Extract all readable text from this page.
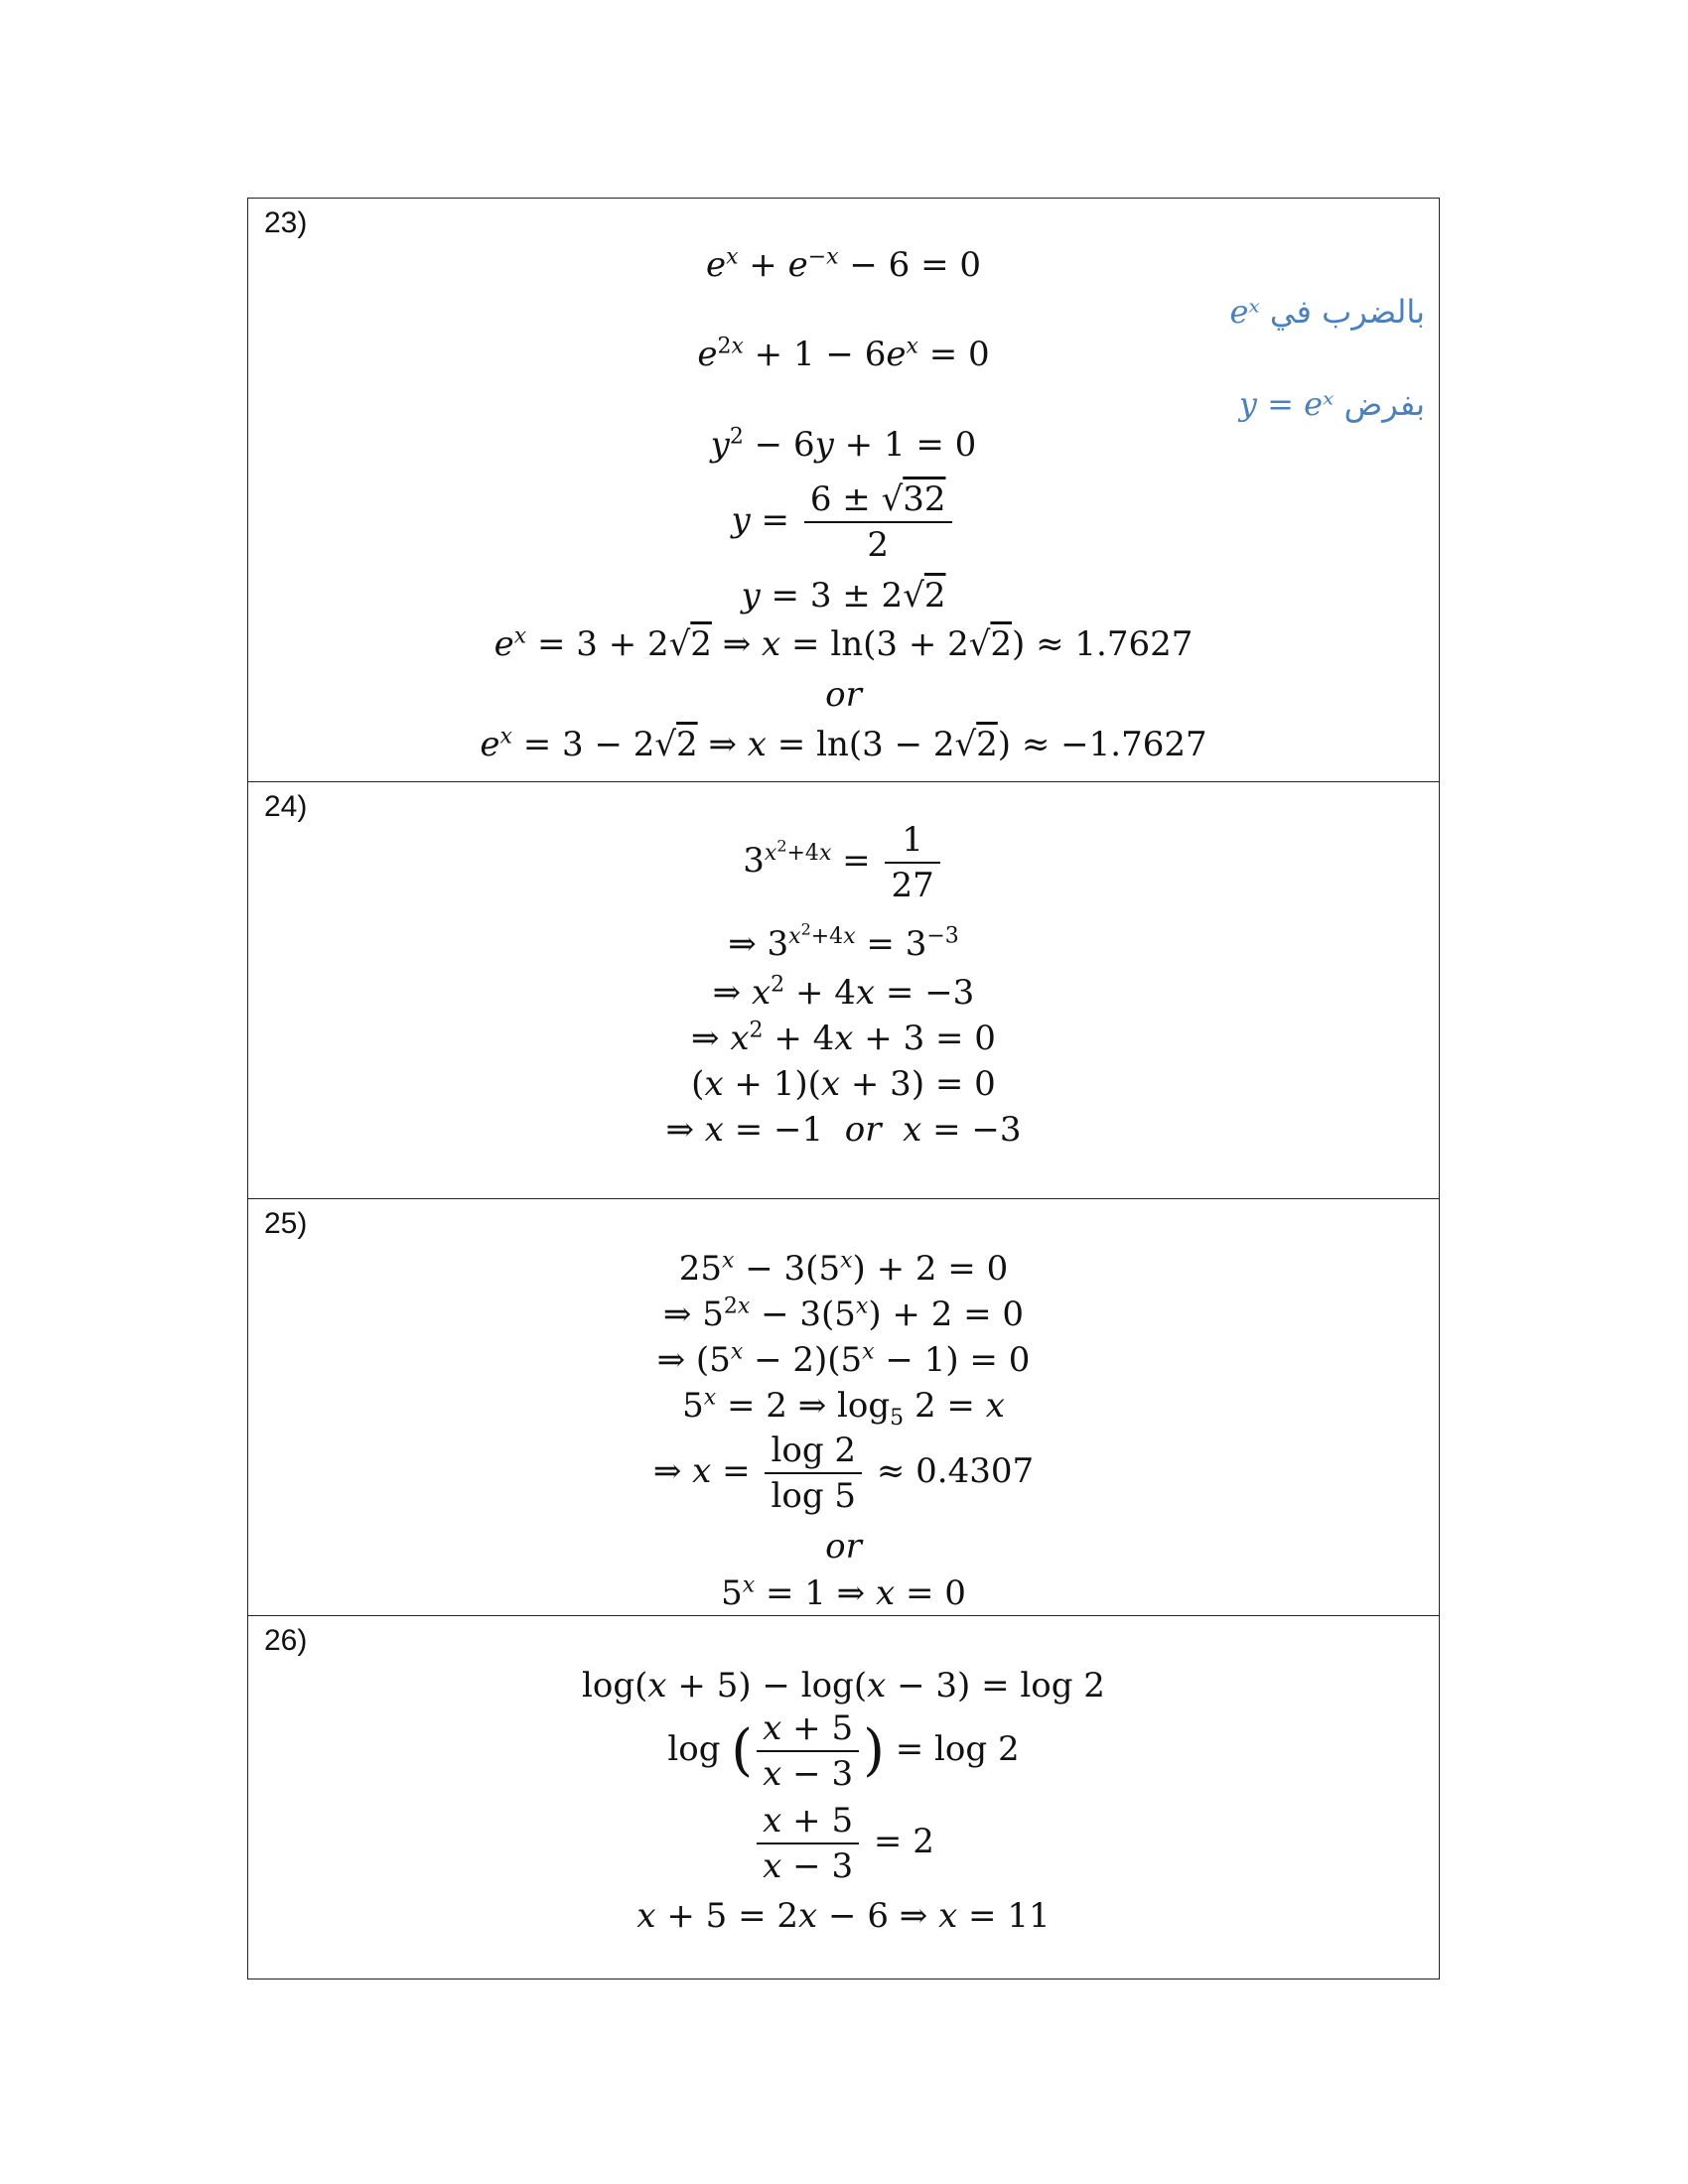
23)
$e^x + e^{-x} - 6 = 0$
eˣ بالضرب في
$e^{2x} + 1 - 6e^x = 0$
y = eˣ بفرض
$y^2 - 6y + 1 = 0$
$y = \frac{6 \pm √32}{2}$
y = 3 ± 2√2
$e^x = 3 + 2√2$ ⇒ x = ln(3 + 2√2) ≈ 1.7627
or
$e^x = 3 - 2√2$ ⇒ x = ln(3 − 2√2) ≈ −1.7627
24)
$3^{x^2+4x} = \frac{1}{27}$
⇒ $3^{x^2+4x} = 3^{-3}$
⇒ $x^2 + 4x = -3$
⇒ $x^2 + 4x + 3 = 0$
(x + 1)(x + 3) = 0
⇒ x = −1  or x = −3
25)
$25^x - 3(5^x) + 2 = 0$
⇒ $5^{2x} - 3(5^x) + 2 = 0$
⇒ $(5^x - 2)(5^x - 1) = 0$
$5^x = 2$ ⇒ $\log_5 2 = x$
⇒ $x = \frac{\log 2}{\log 5} \approx 0.4307$
or
$5^x = 1$ ⇒ x = 0
26)
log(x + 5) − log(x − 3) = log 2
log ( $\frac{x + 5}{x - 3}$ ) = log 2
$\frac{x + 5}{x - 3} = 2$
x + 5 = 2x − 6 ⇒ x = 11
